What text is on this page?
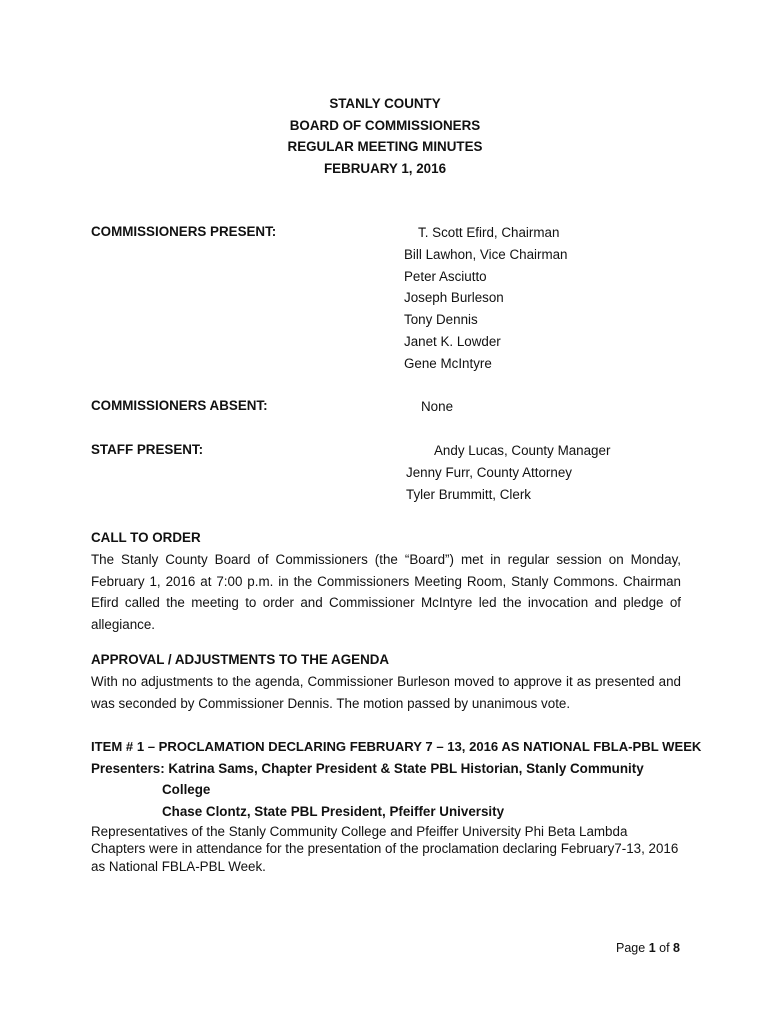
STANLY COUNTY
BOARD OF COMMISSIONERS
REGULAR MEETING MINUTES
FEBRUARY 1, 2016
COMMISSIONERS PRESENT:	T. Scott Efird, Chairman
Bill Lawhon, Vice Chairman
Peter Asciutto
Joseph Burleson
Tony Dennis
Janet K. Lowder
Gene McIntyre
COMMISSIONERS ABSENT:	None
STAFF PRESENT:	Andy Lucas, County Manager
Jenny Furr, County Attorney
Tyler Brummitt, Clerk
CALL TO ORDER
The Stanly County Board of Commissioners (the “Board”) met in regular session on Monday, February 1, 2016 at 7:00 p.m. in the Commissioners Meeting Room, Stanly Commons. Chairman Efird called the meeting to order and Commissioner McIntyre led the invocation and pledge of allegiance.
APPROVAL / ADJUSTMENTS TO THE AGENDA
With no adjustments to the agenda, Commissioner Burleson moved to approve it as presented and was seconded by Commissioner Dennis. The motion passed by unanimous vote.
ITEM # 1 – PROCLAMATION DECLARING FEBRUARY 7 – 13, 2016 AS NATIONAL FBLA-PBL WEEK
Presenters: Katrina Sams, Chapter President & State PBL Historian, Stanly Community
College
Chase Clontz, State PBL President, Pfeiffer University
Representatives of the Stanly Community College and Pfeiffer University Phi Beta Lambda Chapters were in attendance for the presentation of the proclamation declaring February7-13, 2016 as National FBLA-PBL Week.
Page 1 of 8
